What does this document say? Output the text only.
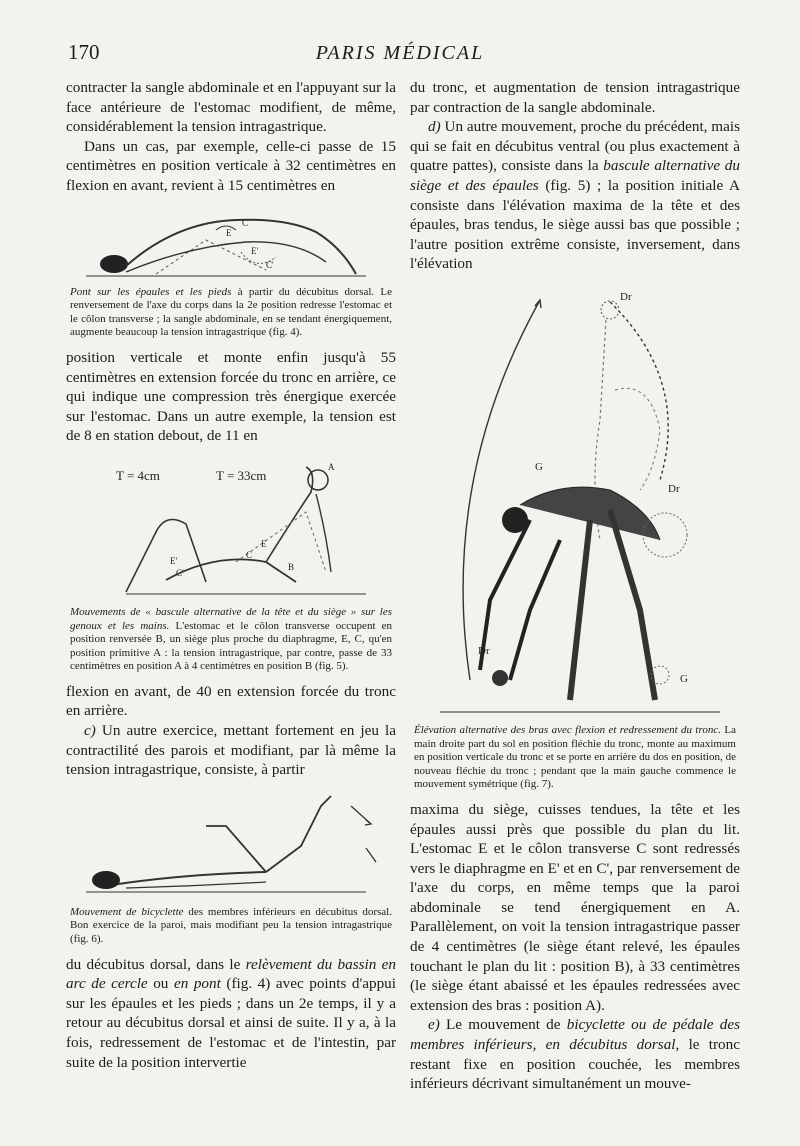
170	PARIS MÉDICAL

contracter la sangle abdominale et en l'appuyant sur la face antérieure de l'estomac modifient, de même, considérablement la tension intragastrique.

Dans un cas, par exemple, celle-ci passe de 15 centimètres en position verticale à 32 centimètres en flexion en avant, revient à 15 centimètres en

C
E
E'
C'
Pont sur les épaules et les pieds à partir du décubitus dorsal. Le renversement de l'axe du corps dans la 2e position redresse l'estomac et le côlon transverse ; la sangle abdominale, en se tendant énergiquement, augmente beaucoup la tension intragastrique (fig. 4).

position verticale et monte enfin jusqu'à 55 centimètres en extension forcée du tronc en arrière, ce qui indique une compression très énergique exercée sur l'estomac. Dans un autre exemple, la tension est de 8 en station debout, de 11 en

T = 4cm	T = 33cm
A
E
C
E'
C'
B
Mouvements de « bascule alternative de la tête et du siège » sur les genoux et les mains. L'estomac et le côlon transverse occupent en position renversée B, un siège plus proche du diaphragme, E, C, qu'en position primitive A : la tension intragastrique, par contre, passe de 33 centimètres en position A à 4 centimètres en position B (fig. 5).

flexion en avant, de 40 en extension forcée du tronc en arrière.

c) Un autre exercice, mettant fortement en jeu la contractilité des parois et modifiant, par là même la tension intragastrique, consiste, à partir

Mouvement de bicyclette des membres inférieurs en décubitus dorsal. Bon exercice de la paroi, mais modifiant peu la tension intragastrique (fig. 6).

du décubitus dorsal, dans le relèvement du bassin en arc de cercle ou en pont (fig. 4) avec points d'appui sur les épaules et les pieds ; dans un 2e temps, il y a retour au décubitus dorsal et ainsi de suite. Il y a, à la fois, redressement de l'estomac et de l'intestin, par suite de la position intervertie

du tronc, et augmentation de tension intragastrique par contraction de la sangle abdominale.

d) Un autre mouvement, proche du précédent, mais qui se fait en décubitus ventral (ou plus exactement à quatre pattes), consiste dans la bascule alternative du siège et des épaules (fig. 5) ; la position initiale A consiste dans l'élévation maxima de la tête et des épaules, bras tendus, le siège aussi bas que possible ; l'autre position extrême consiste, inversement, dans l'élévation

Dr
G
Dr
Dr
G
Élévation alternative des bras avec flexion et redressement du tronc. La main droite part du sol en position fléchie du tronc, monte au maximum en position verticale du tronc et se porte en arrière du dos en position, de nouveau fléchie du tronc ; pendant que la main gauche commence le mouvement symétrique (fig. 7).

maxima du siège, cuisses tendues, la tête et les épaules aussi près que possible du plan du lit. L'estomac E et le côlon transverse C sont redressés vers le diaphragme en E' et en C', par renversement de l'axe du corps, en même temps que la paroi abdominale se tend énergiquement en A. Parallèlement, on voit la tension intragastrique passer de 4 centimètres (le siège étant relevé, les épaules touchant le plan du lit : position B), à 33 centimètres (le siège étant abaissé et les épaules redressées avec extension des bras : position A).

e) Le mouvement de bicyclette ou de pédale des membres inférieurs, en décubitus dorsal, le tronc restant fixe en position couchée, les membres inférieurs décrivant simultanément un mouve-
